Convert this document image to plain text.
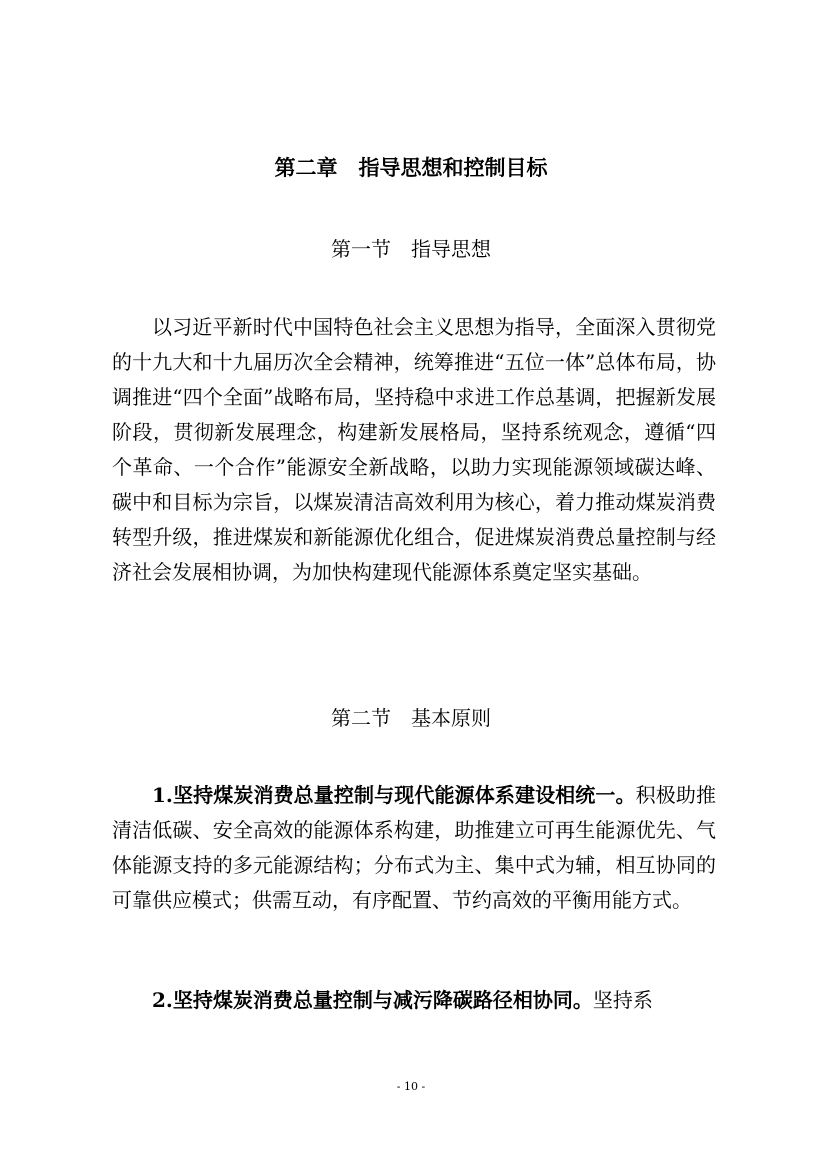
第二章　指导思想和控制目标
第一节　指导思想

以习近平新时代中国特色社会主义思想为指导，全面深入贯彻党的十九大和十九届历次全会精神，统筹推进“五位一体”总体布局，协调推进“四个全面”战略布局，坚持稳中求进工作总基调，把握新发展阶段，贯彻新发展理念，构建新发展格局，坚持系统观念，遵循“四个革命、一个合作”能源安全新战略，以助力实现能源领域碳达峰、碳中和目标为宗旨，以煤炭清洁高效利用为核心，着力推动煤炭消费转型升级，推进煤炭和新能源优化组合，促进煤炭消费总量控制与经济社会发展相协调，为加快构建现代能源体系奠定坚实基础。

第二节　基本原则

1.坚持煤炭消费总量控制与现代能源体系建设相统一。积极助推清洁低碳、安全高效的能源体系构建，助推建立可再生能源优先、气体能源支持的多元能源结构；分布式为主、集中式为辅，相互协同的可靠供应模式；供需互动，有序配置、节约高效的平衡用能方式。

2.坚持煤炭消费总量控制与减污降碳路径相协同。坚持系

- 10 -
